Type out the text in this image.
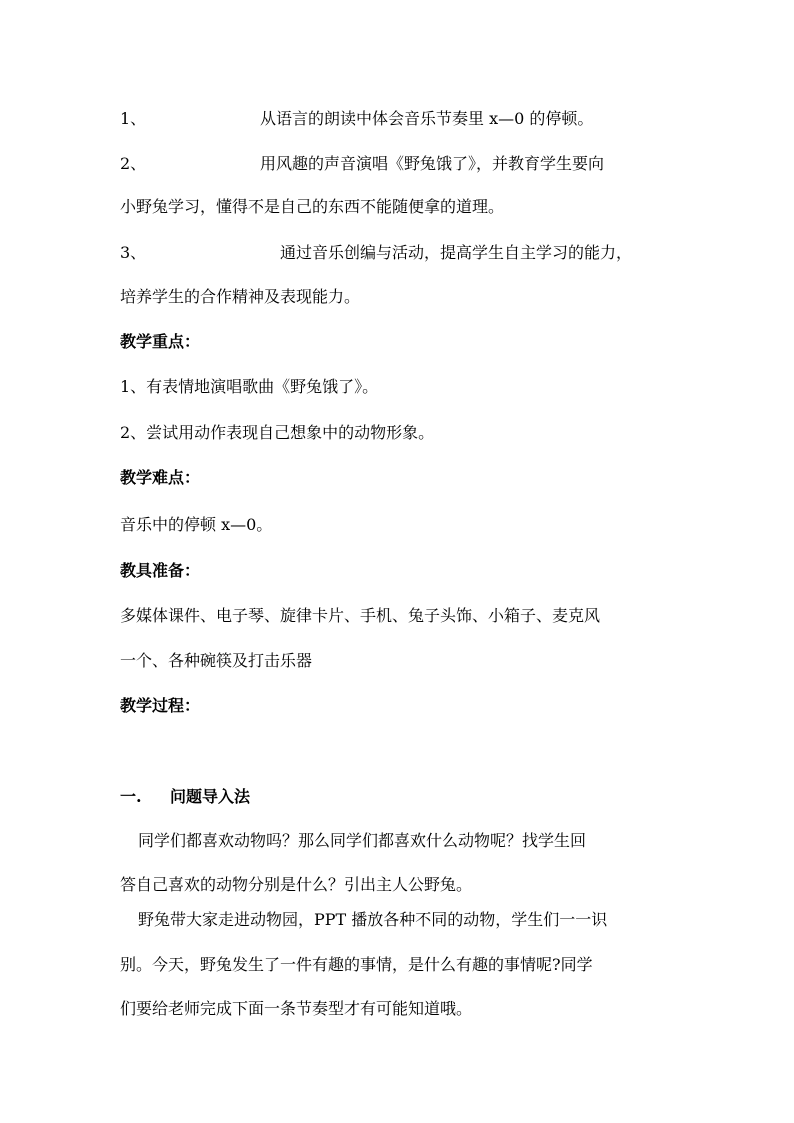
1、	从语言的朗读中体会音乐节奏里 x—0 的停顿。
2、	用风趣的声音演唱《野兔饿了》，并教育学生要向
小野兔学习，懂得不是自己的东西不能随便拿的道理。
3、	通过音乐创编与活动，提高学生自主学习的能力，
培养学生的合作精神及表现能力。
教学重点：
1、有表情地演唱歌曲《野兔饿了》。
2、尝试用动作表现自己想象中的动物形象。
教学难点：
音乐中的停顿 x—0。
教具准备：
多媒体课件、电子琴、旋律卡片、手机、兔子头饰、小箱子、麦克风
一个、各种碗筷及打击乐器
教学过程：
一. 问题导入法
同学们都喜欢动物吗？那么同学们都喜欢什么动物呢？找学生回
答自己喜欢的动物分别是什么？引出主人公野兔。
野兔带大家走进动物园，PPT 播放各种不同的动物，学生们一一识
别。今天，野兔发生了一件有趣的事情，是什么有趣的事情呢?同学
们要给老师完成下面一条节奏型才有可能知道哦。
